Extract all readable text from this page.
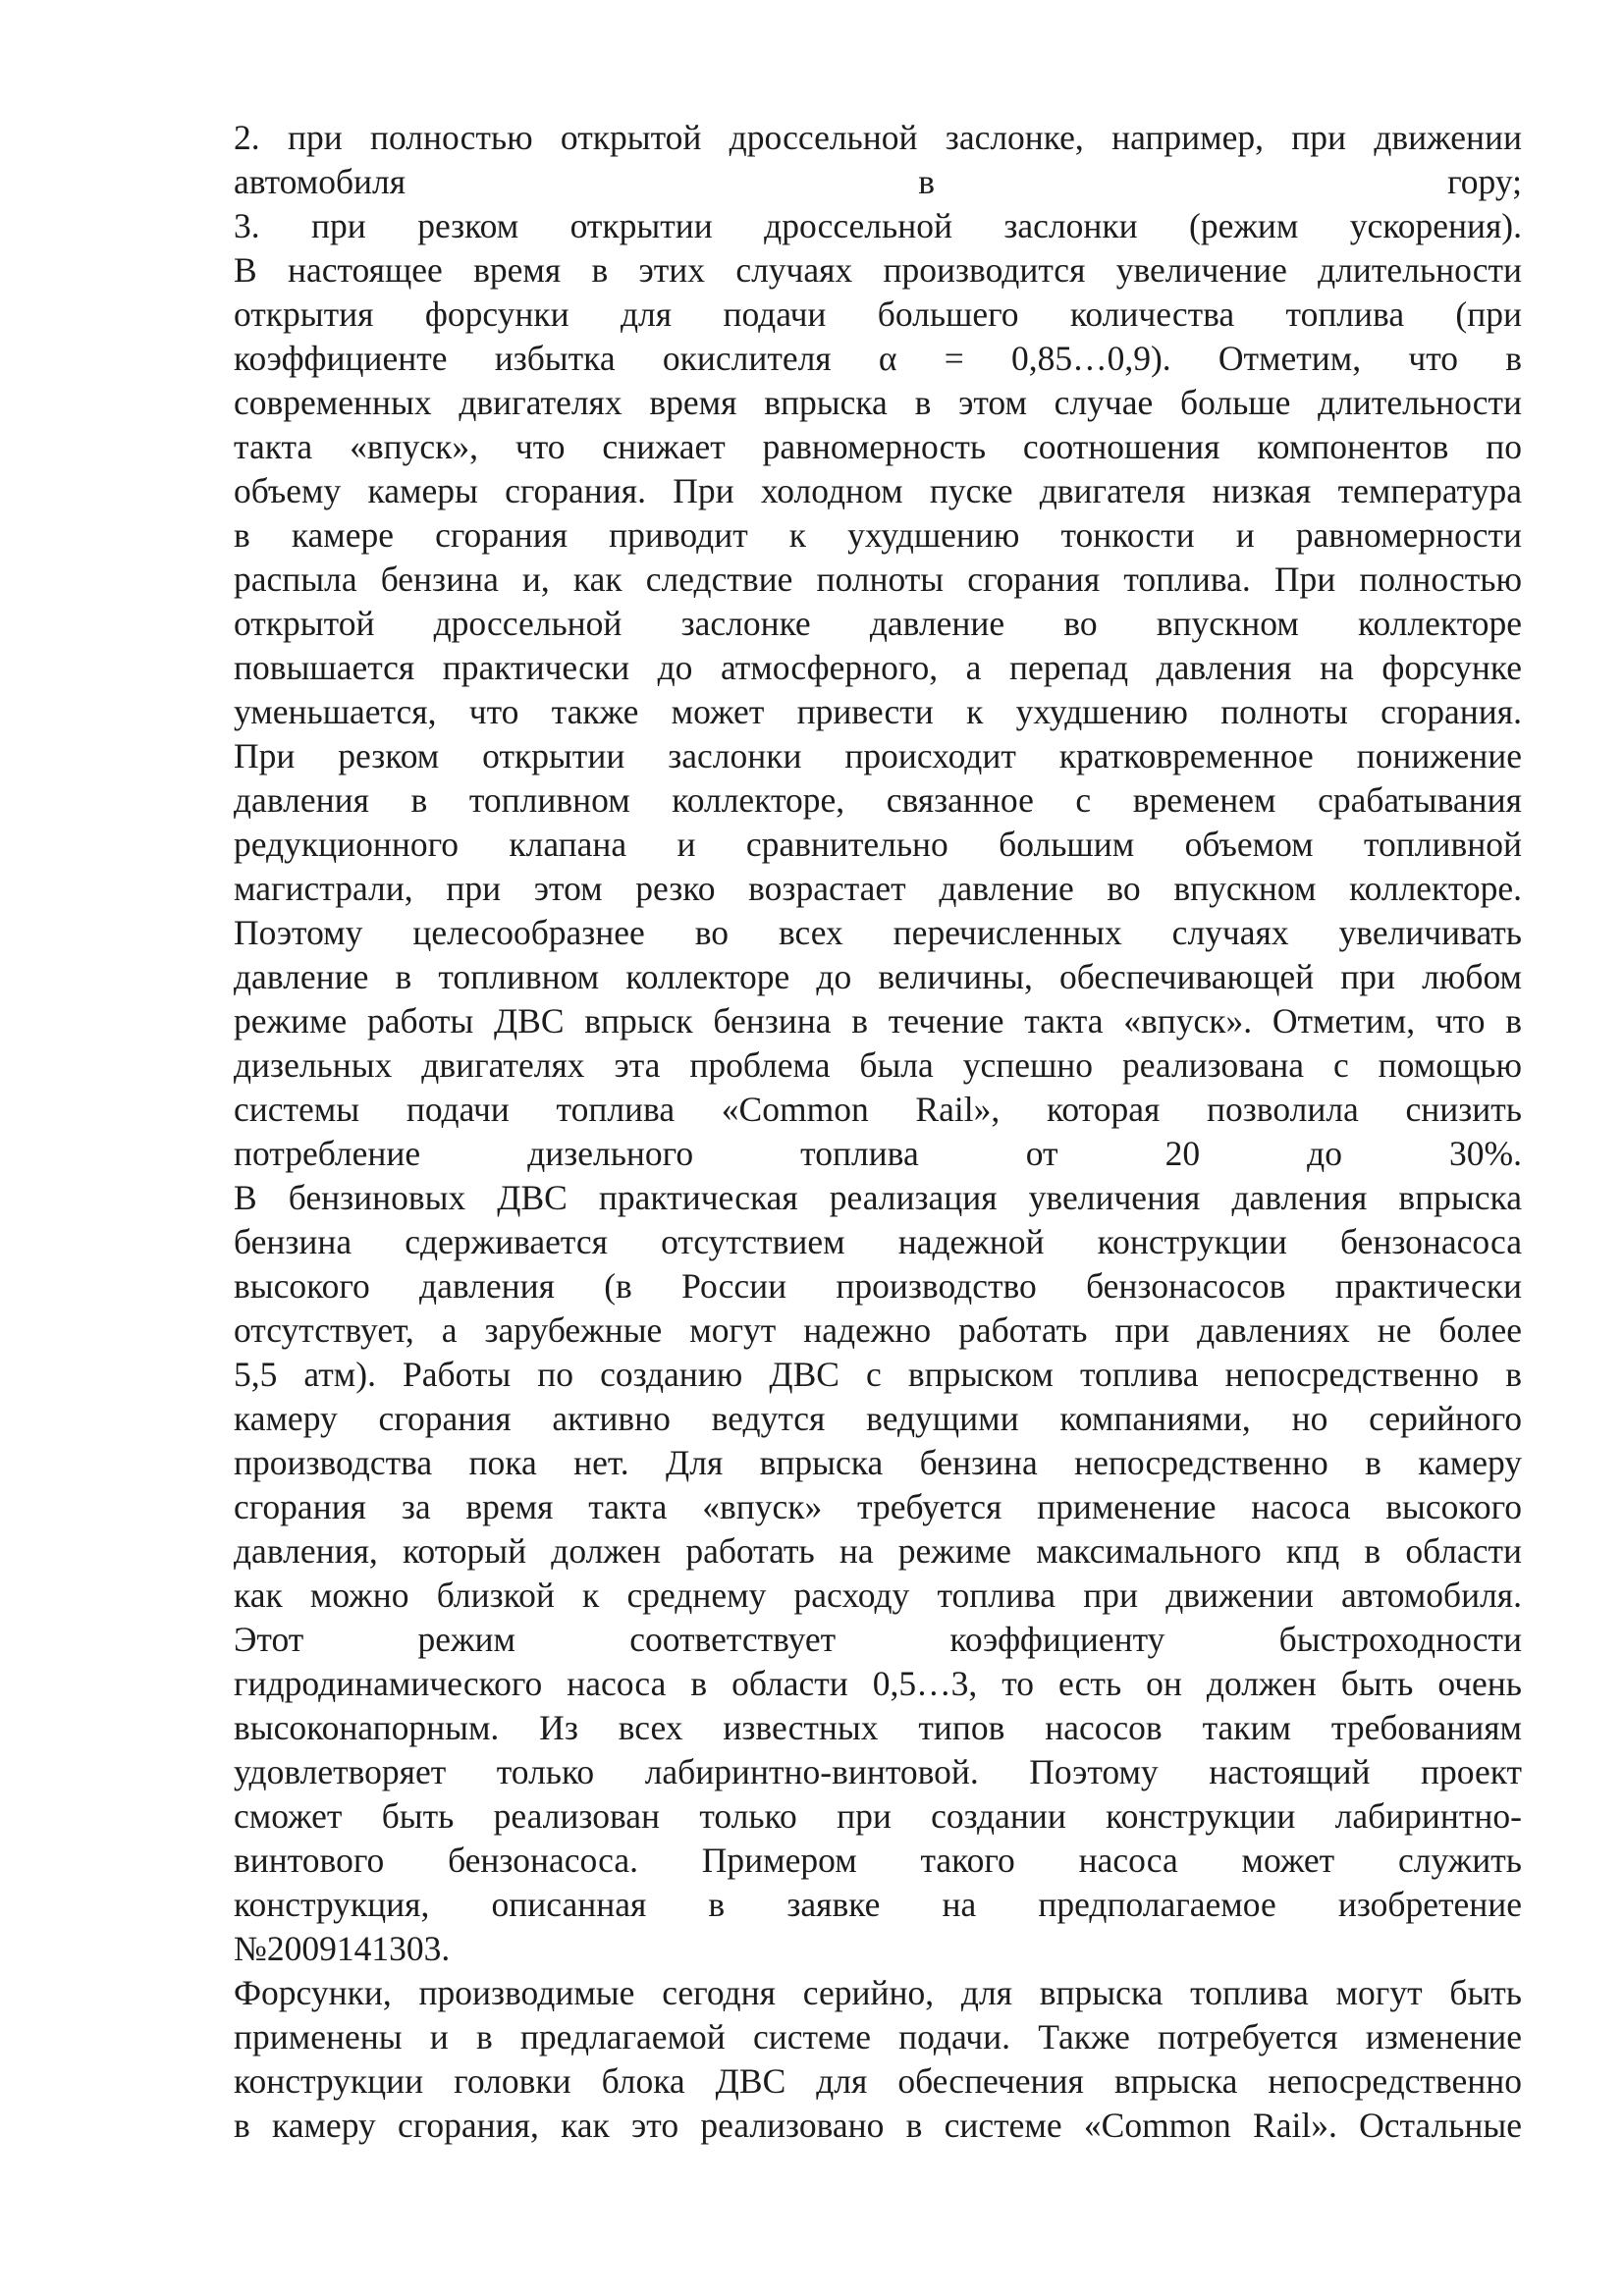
2. при полностью открытой дроссельной заслонке, например, при движении
автомобиля в гору;
3. при резком открытии дроссельной заслонки (режим ускорения).
В настоящее время в этих случаях производится увеличение длительности
открытия форсунки для подачи большего количества топлива (при
коэффициенте избытка окислителя α = 0,85…0,9). Отметим, что в
современных двигателях время впрыска в этом случае больше длительности
такта «впуск», что снижает равномерность соотношения компонентов по
объему камеры сгорания. При холодном пуске двигателя низкая температура
в камере сгорания приводит к ухудшению тонкости и равномерности
распыла бензина и, как следствие полноты сгорания топлива. При полностью
открытой дроссельной заслонке давление во впускном коллекторе
повышается практически до атмосферного, а перепад давления на форсунке
уменьшается, что также может привести к ухудшению полноты сгорания.
При резком открытии заслонки происходит кратковременное понижение
давления в топливном коллекторе, связанное с временем срабатывания
редукционного клапана и сравнительно большим объемом топливной
магистрали, при этом резко возрастает давление во впускном коллекторе.
Поэтому целесообразнее во всех перечисленных случаях увеличивать
давление в топливном коллекторе до величины, обеспечивающей при любом
режиме работы ДВС впрыск бензина в течение такта «впуск». Отметим, что в
дизельных двигателях эта проблема была успешно реализована с помощью
системы подачи топлива «Common Rail», которая позволила снизить
потребление дизельного топлива от 20 до 30%.
В бензиновых ДВС практическая реализация увеличения давления впрыска
бензина сдерживается отсутствием надежной конструкции бензонасоса
высокого давления (в России производство бензонасосов практически
отсутствует, а зарубежные могут надежно работать при давлениях не более
5,5 атм). Работы по созданию ДВС с впрыском топлива непосредственно в
камеру сгорания активно ведутся ведущими компаниями, но серийного
производства пока нет. Для впрыска бензина непосредственно в камеру
сгорания за время такта «впуск» требуется применение насоса высокого
давления, который должен работать на режиме максимального кпд в области
как можно близкой к среднему расходу топлива при движении автомобиля.
Этот режим соответствует коэффициенту быстроходности
гидродинамического насоса в области 0,5…3, то есть он должен быть очень
высоконапорным. Из всех известных типов насосов таким требованиям
удовлетворяет только лабиринтно-винтовой. Поэтому настоящий проект
сможет быть реализован только при создании конструкции лабиринтно-
винтового бензонасоса. Примером такого насоса может служить
конструкция, описанная в заявке на предполагаемое изобретение
№2009141303.
Форсунки, производимые сегодня серийно, для впрыска топлива могут быть
применены и в предлагаемой системе подачи. Также потребуется изменение
конструкции головки блока ДВС для обеспечения впрыска непосредственно
в камеру сгорания, как это реализовано в системе «Common Rail». Остальные
